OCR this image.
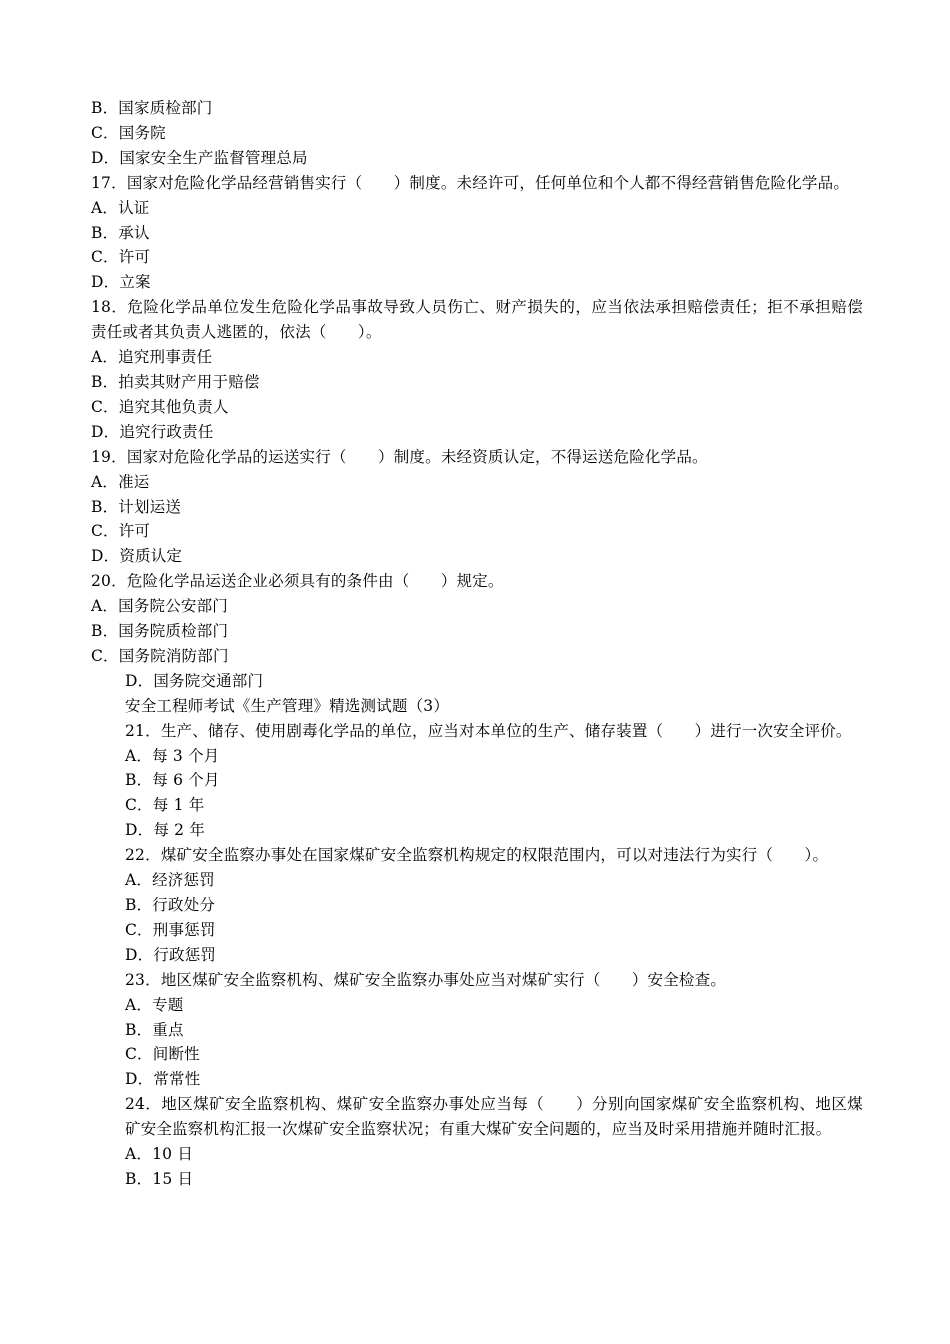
B．国家质检部门
C．国务院
D．国家安全生产监督管理总局
17．国家对危险化学品经营销售实行（　　）制度。未经许可，任何单位和个人都不得经营销售危险化学品。
A．认证
B．承认
C．许可
D．立案
18．危险化学品单位发生危险化学品事故导致人员伤亡、财产损失的，应当依法承担赔偿责任；拒不承担赔偿责任或者其负责人逃匿的，依法（　　）。
A．追究刑事责任
B．拍卖其财产用于赔偿
C．追究其他负责人
D．追究行政责任
19．国家对危险化学品的运送实行（　　）制度。未经资质认定，不得运送危险化学品。
A．准运
B．计划运送
C．许可
D．资质认定
20．危险化学品运送企业必须具有的条件由（　　）规定。
A．国务院公安部门
B．国务院质检部门
C．国务院消防部门
D．国务院交通部门
安全工程师考试《生产管理》精选测试题（3）
21．生产、储存、使用剧毒化学品的单位，应当对本单位的生产、储存装置（　　）进行一次安全评价。
A．每 3 个月
B．每 6 个月
C．每 1 年
D．每 2 年
22．煤矿安全监察办事处在国家煤矿安全监察机构规定的权限范围内，可以对违法行为实行（　　）。
A．经济惩罚
B．行政处分
C．刑事惩罚
D．行政惩罚
23．地区煤矿安全监察机构、煤矿安全监察办事处应当对煤矿实行（　　）安全检查。
A．专题
B．重点
C．间断性
D．常常性
24．地区煤矿安全监察机构、煤矿安全监察办事处应当每（　　）分别向国家煤矿安全监察机构、地区煤矿安全监察机构汇报一次煤矿安全监察状况；有重大煤矿安全问题的，应当及时采用措施并随时汇报。
A．10 日
B．15 日
